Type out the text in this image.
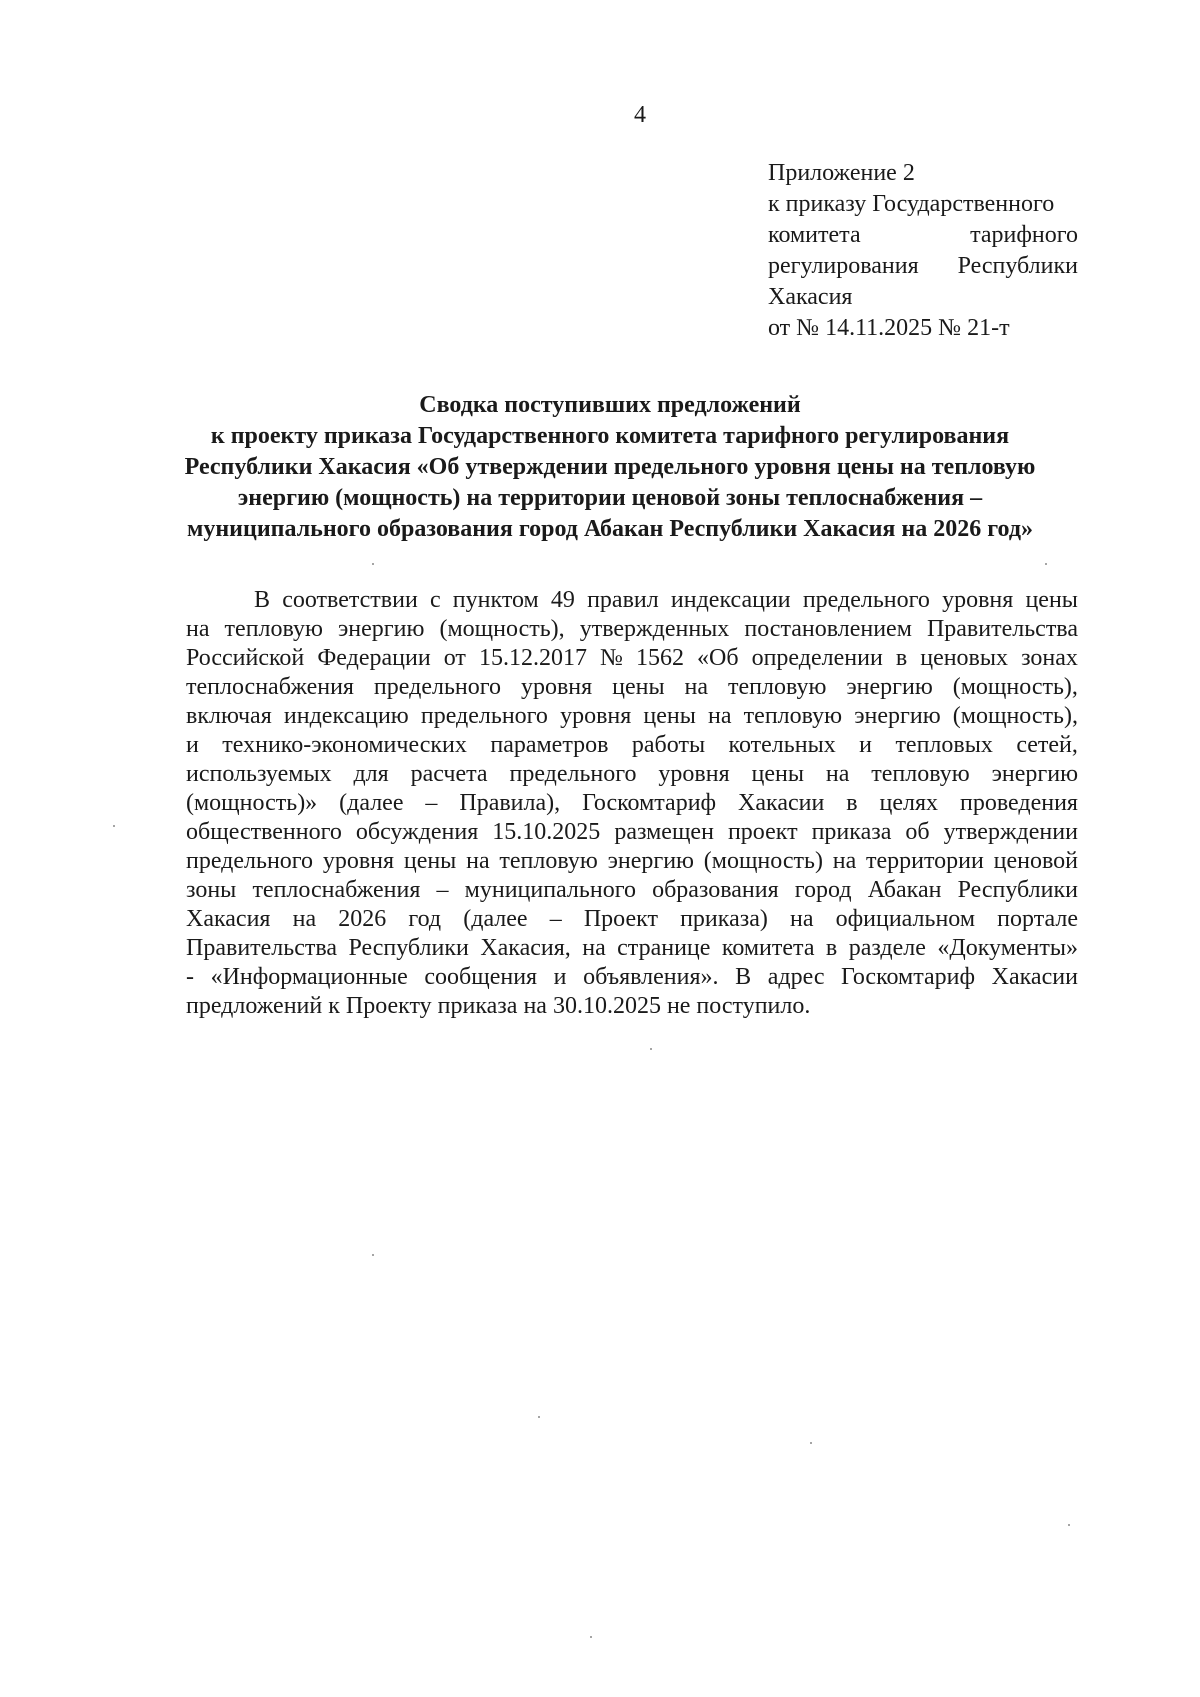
4
Приложение 2
к приказу Государственного
комитета	тарифного
регулирования Республики
Хакасия
от № 14.11.2025 № 21-т
Сводка поступивших предложений
к проекту приказа Государственного комитета тарифного регулирования
Республики Хакасия «Об утверждении предельного уровня цены на тепловую
энергию (мощность) на территории ценовой зоны теплоснабжения –
муниципального образования город Абакан Республики Хакасия на 2026 год»
В соответствии с пунктом 49 правил индексации предельного уровня цены
на тепловую энергию (мощность), утвержденных постановлением Правительства
Российской Федерации от 15.12.2017 № 1562 «Об определении в ценовых зонах
теплоснабжения предельного уровня цены на тепловую энергию (мощность),
включая индексацию предельного уровня цены на тепловую энергию (мощность),
и технико-экономических параметров работы котельных и тепловых сетей,
используемых для расчета предельного уровня цены на тепловую энергию
(мощность)» (далее – Правила), Госкомтариф Хакасии в целях проведения
общественного обсуждения 15.10.2025 размещен проект приказа об утверждении
предельного уровня цены на тепловую энергию (мощность) на территории ценовой
зоны теплоснабжения – муниципального образования город Абакан Республики
Хакасия на 2026 год (далее – Проект приказа) на официальном портале
Правительства Республики Хакасия, на странице комитета в разделе «Документы»
- «Информационные сообщения и объявления». В адрес Госкомтариф Хакасии
предложений к Проекту приказа на 30.10.2025 не поступило.
